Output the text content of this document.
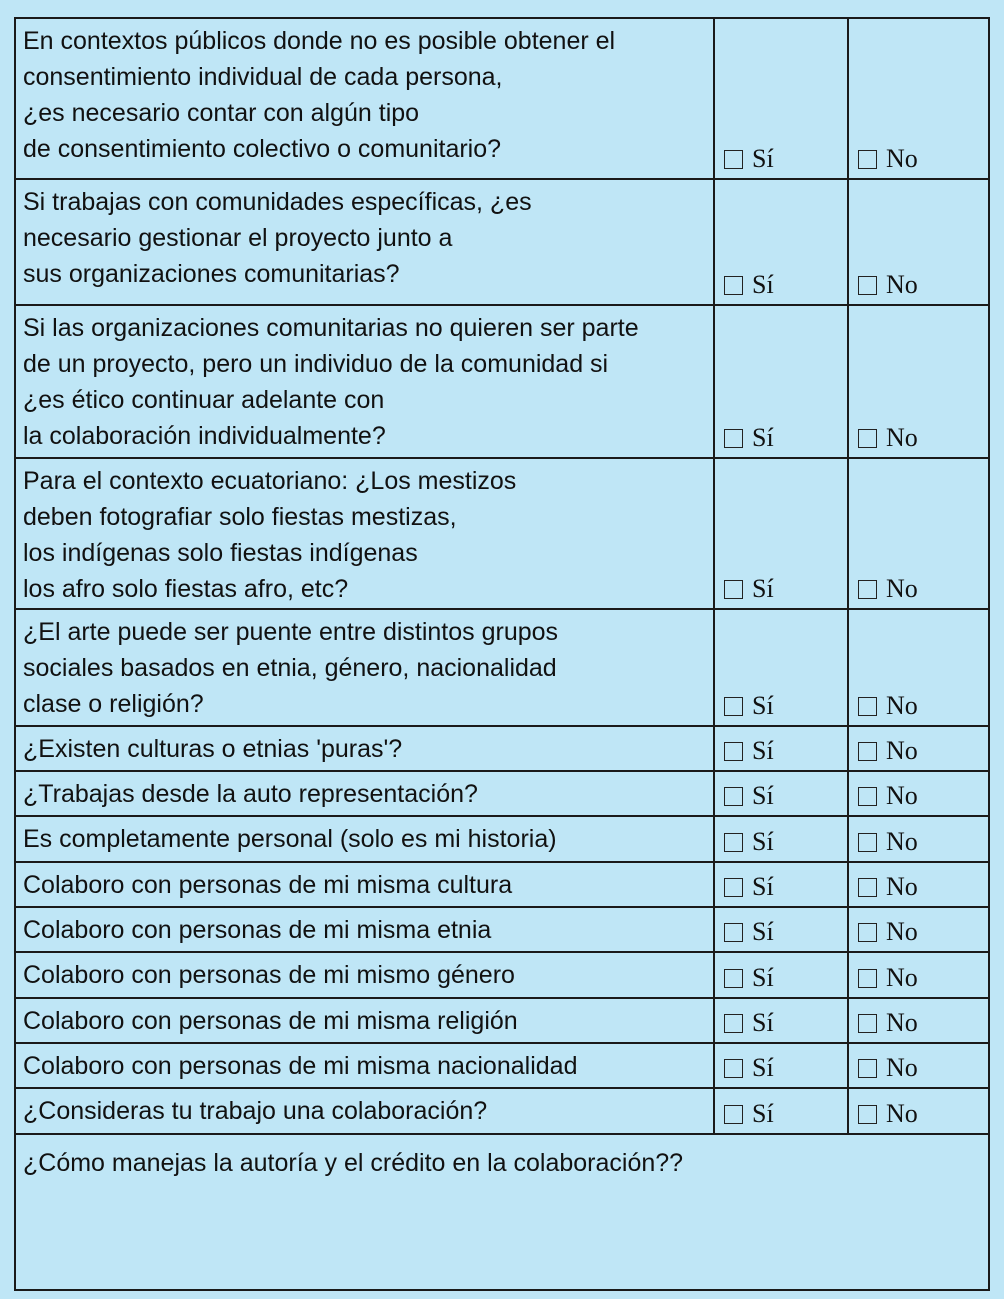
En contextos públicos donde no es posible obtener el
consentimiento individual de cada persona,
¿es necesario contar con algún tipo
de consentimiento colectivo o comunitario?	Sí	No
Si trabajas con comunidades específicas, ¿es
necesario gestionar el proyecto junto a
sus organizaciones comunitarias?	Sí	No
Si las organizaciones comunitarias no quieren ser parte
de un proyecto, pero un individuo de la comunidad si
¿es ético continuar adelante con
la colaboración individualmente?	Sí	No
Para el contexto ecuatoriano: ¿Los mestizos
deben fotografiar solo fiestas mestizas,
los indígenas solo fiestas indígenas
los afro solo fiestas afro, etc?	Sí	No
¿El arte puede ser puente entre distintos grupos
sociales basados en etnia, género, nacionalidad
clase o religión?	Sí	No
¿Existen culturas o etnias 'puras'?	Sí	No
¿Trabajas desde la auto representación?	Sí	No
Es completamente personal (solo es mi historia)	Sí	No
Colaboro con personas de mi misma cultura	Sí	No
Colaboro con personas de mi misma etnia	Sí	No
Colaboro con personas de mi mismo género	Sí	No
Colaboro con personas de mi misma religión	Sí	No
Colaboro con personas de mi misma nacionalidad	Sí	No
¿Consideras tu trabajo una colaboración?	Sí	No
¿Cómo manejas la autoría y el crédito en la colaboración??		
